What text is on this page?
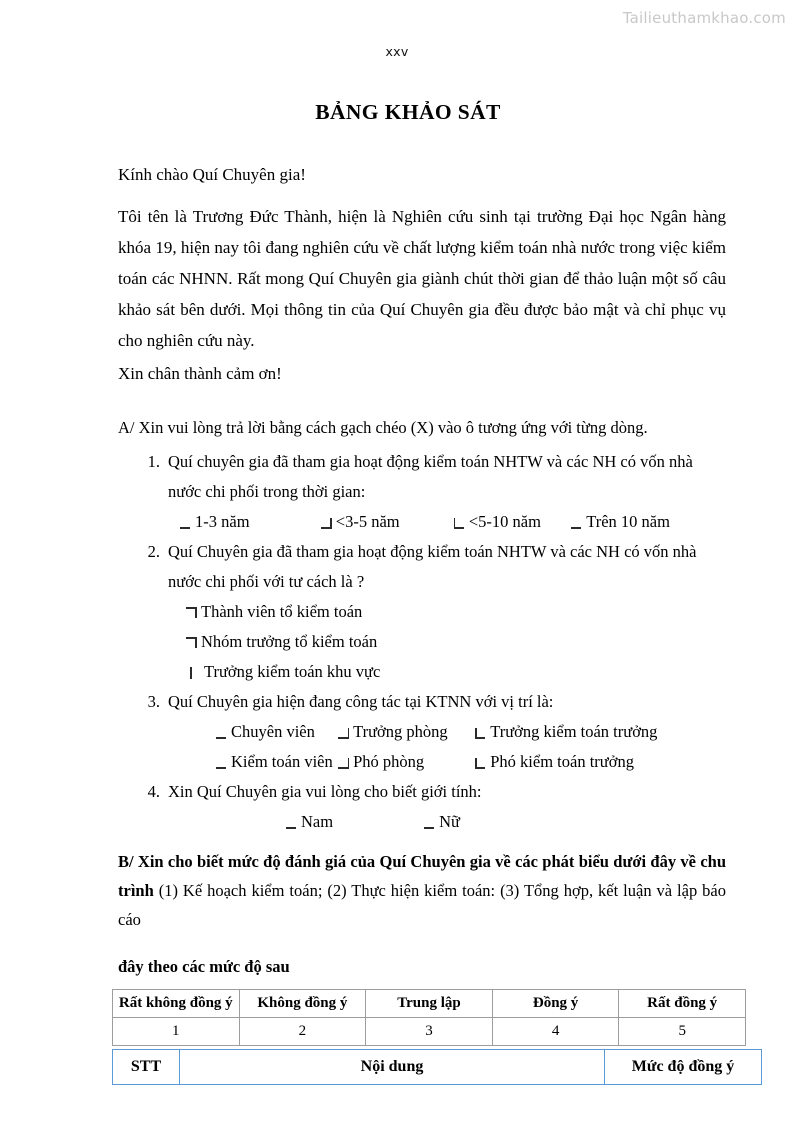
Tailieuthamkhao.com
xxv
BẢNG KHẢO SÁT

Kính chào Quí Chuyên gia!

Tôi tên là Trương Đức Thành, hiện là Nghiên cứu sinh tại trường Đại học Ngân hàng khóa 19, hiện nay tôi đang nghiên cứu về chất lượng kiểm toán nhà nước trong việc kiểm toán các NHNN. Rất mong Quí Chuyên gia giành chút thời gian để thảo luận một số câu khảo sát bên dưới. Mọi thông tin của Quí Chuyên gia đều được bảo mật và chỉ phục vụ cho nghiên cứu này.

Xin chân thành cảm ơn!

A/ Xin vui lòng trả lời bằng cách gạch chéo (X) vào ô tương ứng với từng dòng.

1. Quí chuyên gia đã tham gia hoạt động kiểm toán NHTW và các NH có vốn nhà nước chi phối trong thời gian:
1-3 năm	<3-5 năm	<5-10 năm	Trên 10 năm
2. Quí Chuyên gia đã tham gia hoạt động kiểm toán NHTW và các NH có vốn nhà nước chi phối với tư cách là ?
Thành viên tổ kiểm toán
Nhóm trưởng tổ kiểm toán
Trưởng kiểm toán khu vực
3. Quí Chuyên gia hiện đang công tác tại KTNN với vị trí là:
Chuyên viên Trưởng phòng	Trưởng kiểm toán trưởng
Kiểm toán viên Phó phòng	Phó kiểm toán trưởng
4. Xin Quí Chuyên gia vui lòng cho biết giới tính:
Nam	Nữ

B/ Xin cho biết mức độ đánh giá của Quí Chuyên gia về các phát biểu dưới đây về chu trình (1) Kế hoạch kiểm toán; (2) Thực hiện kiểm toán: (3) Tổng hợp, kết luận và lập báo cáo

đây theo các mức độ sau

Rất không đồng ý	Không đồng ý	Trung lập	Đồng ý	Rất đồng ý
1	2	3	4	5
STT	Nội dung	Mức độ đồng ý
